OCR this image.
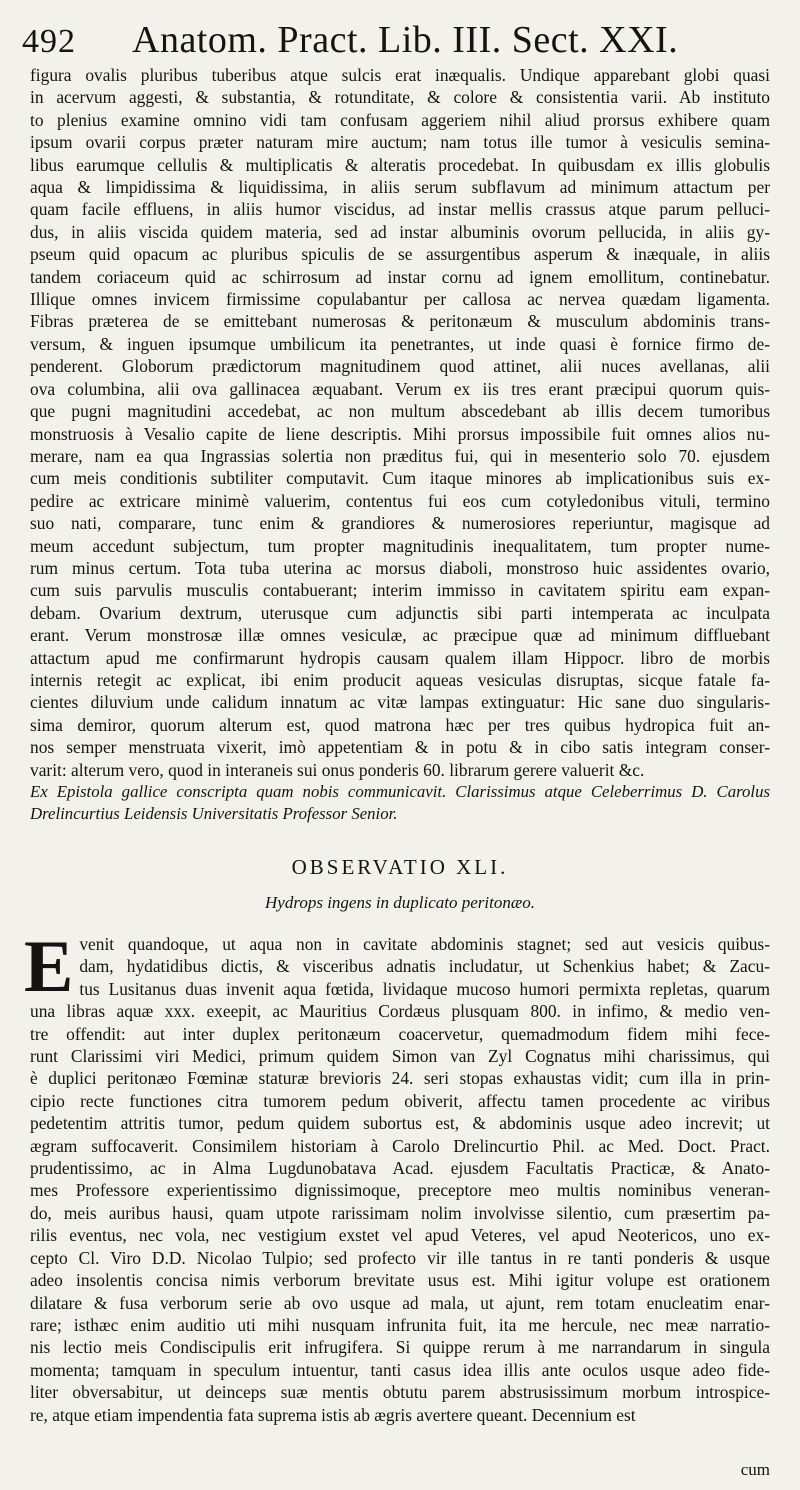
492	Anatom. Pract. Lib. III. Sect. XXI.
figura ovalis pluribus tuberibus atque sulcis erat inæqualis. Undique apparebant globi quasi
in acervum aggesti, & substantia, & rotunditate, & colore & consistentia varii. Ab instituto
to plenius examine omnino vidi tam confusam aggeriem nihil aliud prorsus exhibere quam
ipsum ovarii corpus præter naturam mire auctum; nam totus ille tumor à vesiculis semina-
libus earumque cellulis & multiplicatis & alteratis procedebat. In quibusdam ex illis globulis
aqua & limpidissima & liquidissima, in aliis serum subflavum ad minimum attactum per
quam facile effluens, in aliis humor viscidus, ad instar mellis crassus atque parum pelluci-
dus, in aliis viscida quidem materia, sed ad instar albuminis ovorum pellucida, in aliis gy-
pseum quid opacum ac pluribus spiculis de se assurgentibus asperum & inæquale, in aliis
tandem coriaceum quid ac schirrosum ad instar cornu ad ignem emollitum, continebatur.
Illique omnes invicem firmissime copulabantur per callosa ac nervea quædam ligamenta.
Fibras præterea de se emittebant numerosas & peritonæum & musculum abdominis trans-
versum, & inguen ipsumque umbilicum ita penetrantes, ut inde quasi è fornice firmo de-
penderent. Globorum prædictorum magnitudinem quod attinet, alii nuces avellanas, alii
ova columbina, alii ova gallinacea æquabant. Verum ex iis tres erant præcipui quorum quis-
que pugni magnitudini accedebat, ac non multum abscedebant ab illis decem tumoribus
monstruosis à Vesalio capite de liene descriptis. Mihi prorsus impossibile fuit omnes alios nu-
merare, nam ea qua Ingrassias solertia non præditus fui, qui in mesenterio solo 70. ejusdem
cum meis conditionis subtiliter computavit. Cum itaque minores ab implicationibus suis ex-
pedire ac extricare minimè valuerim, contentus fui eos cum cotyledonibus vituli, termino
suo nati, comparare, tunc enim & grandiores & numerosiores reperiuntur, magisque ad
meum accedunt subjectum, tum propter magnitudinis inequalitatem, tum propter nume-
rum minus certum. Tota tuba uterina ac morsus diaboli, monstroso huic assidentes ovario,
cum suis parvulis musculis contabuerant; interim immisso in cavitatem spiritu eam expan-
debam. Ovarium dextrum, uterusque cum adjunctis sibi parti intemperata ac inculpata
erant. Verum monstrosæ illæ omnes vesiculæ, ac præcipue quæ ad minimum diffluebant
attactum apud me confirmarunt hydropis causam qualem illam Hippocr. libro de morbis
internis retegit ac explicat, ibi enim producit aqueas vesiculas disruptas, sicque fatale fa-
cientes diluvium unde calidum innatum ac vitæ lampas extinguatur: Hic sane duo singularis-
sima demiror, quorum alterum est, quod matrona hæc per tres quibus hydropica fuit an-
nos semper menstruata vixerit, imò appetentiam & in potu & in cibo satis integram conser-
varit: alterum vero, quod in interaneis sui onus ponderis 60. librarum gerere valuerit &c.
Ex Epistola gallice conscripta quam nobis communicavit. Clarissimus atque Celeberrimus D. Carolus
Drelincurtius Leidensis Universitatis Professor Senior.
OBSERVATIO XLI.
Hydrops ingens in duplicato peritonæo.
E venit quandoque, ut aqua non in cavitate abdominis stagnet; sed aut vesicis quibus-
dam, hydatidibus dictis, & visceribus adnatis includatur, ut Schenkius habet; & Zacu-
tus Lusitanus duas invenit aqua fœtida, lividaque mucoso humori permixta repletas, quarum
una libras aquæ xxx. exeepit, ac Mauritius Cordæus plusquam 800. in infimo, & medio ven-
tre offendit: aut inter duplex peritonæum coacervetur, quemadmodum fidem mihi fece-
runt Clarissimi viri Medici, primum quidem Simon van Zyl Cognatus mihi charissimus, qui
è duplici peritonæo Fœminæ staturæ brevioris 24. seri stopas exhaustas vidit; cum illa in prin-
cipio recte functiones citra tumorem pedum obiverit, affectu tamen procedente ac viribus
pedetentim attritis tumor, pedum quidem subortus est, & abdominis usque adeo increvit; ut
ægram suffocaverit. Consimilem historiam à Carolo Drelincurtio Phil. ac Med. Doct. Pract.
prudentissimo, ac in Alma Lugdunobatava Acad. ejusdem Facultatis Practicæ, & Anato-
mes Professore experientissimo dignissimoque, preceptore meo multis nominibus veneran-
do, meis auribus hausi, quam utpote rarissimam nolim involvisse silentio, cum præsertim pa-
rilis eventus, nec vola, nec vestigium exstet vel apud Veteres, vel apud Neotericos, uno ex-
cepto Cl. Viro D.D. Nicolao Tulpio; sed profecto vir ille tantus in re tanti ponderis & usque
adeo insolentis concisa nimis verborum brevitate usus est. Mihi igitur volupe est orationem
dilatare & fusa verborum serie ab ovo usque ad mala, ut ajunt, rem totam enucleatim enar-
rare; isthæc enim auditio uti mihi nusquam infrunita fuit, ita me hercule, nec meæ narratio-
nis lectio meis Condiscipulis erit infrugifera. Si quippe rerum à me narrandarum in singula
momenta; tamquam in speculum intuentur, tanti casus idea illis ante oculos usque adeo fide-
liter obversabitur, ut deinceps suæ mentis obtutu parem abstrusissimum morbum introspice-
re, atque etiam impendentia fata suprema istis ab ægris avertere queant. Decennium est
cum
